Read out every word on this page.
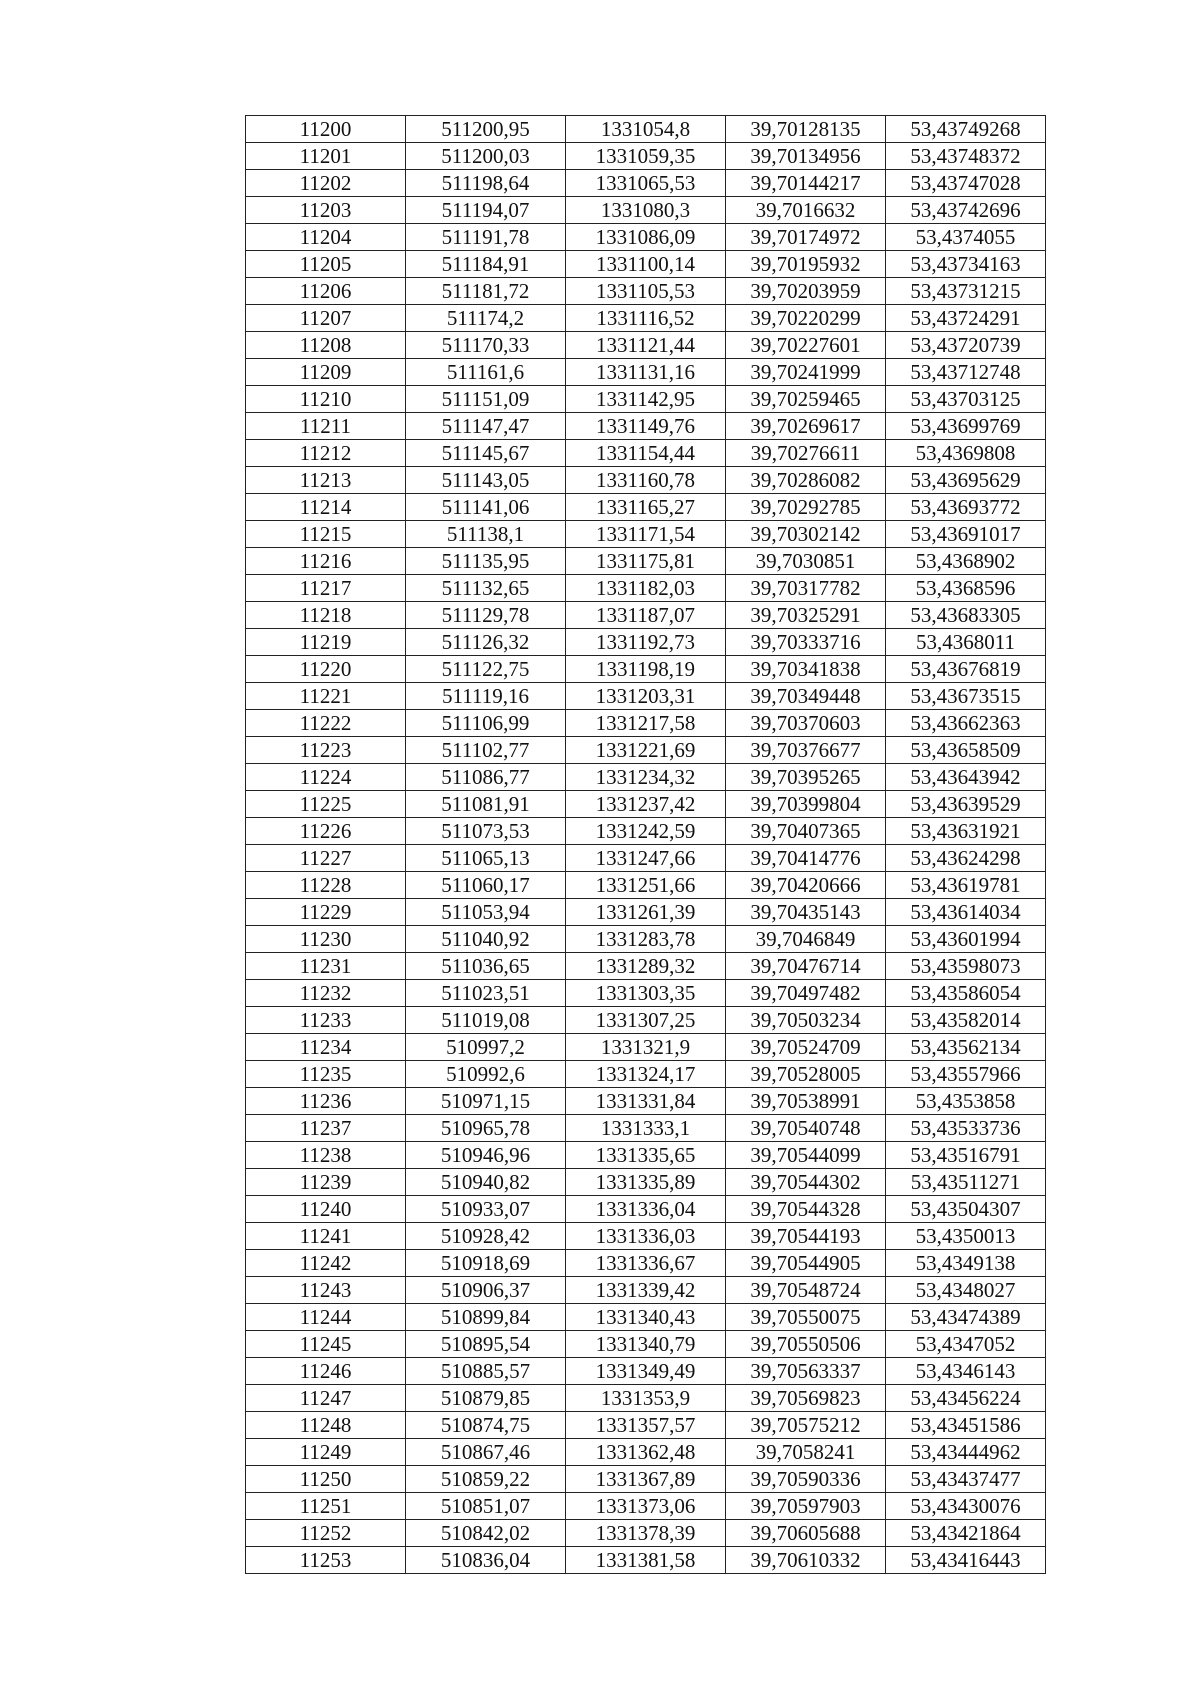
11200	511200,95	1331054,8	39,70128135	53,43749268
11201	511200,03	1331059,35	39,70134956	53,43748372
11202	511198,64	1331065,53	39,70144217	53,43747028
11203	511194,07	1331080,3	39,7016632	53,43742696
11204	511191,78	1331086,09	39,70174972	53,4374055
11205	511184,91	1331100,14	39,70195932	53,43734163
11206	511181,72	1331105,53	39,70203959	53,43731215
11207	511174,2	1331116,52	39,70220299	53,43724291
11208	511170,33	1331121,44	39,70227601	53,43720739
11209	511161,6	1331131,16	39,70241999	53,43712748
11210	511151,09	1331142,95	39,70259465	53,43703125
11211	511147,47	1331149,76	39,70269617	53,43699769
11212	511145,67	1331154,44	39,70276611	53,4369808
11213	511143,05	1331160,78	39,70286082	53,43695629
11214	511141,06	1331165,27	39,70292785	53,43693772
11215	511138,1	1331171,54	39,70302142	53,43691017
11216	511135,95	1331175,81	39,7030851	53,4368902
11217	511132,65	1331182,03	39,70317782	53,4368596
11218	511129,78	1331187,07	39,70325291	53,43683305
11219	511126,32	1331192,73	39,70333716	53,4368011
11220	511122,75	1331198,19	39,70341838	53,43676819
11221	511119,16	1331203,31	39,70349448	53,43673515
11222	511106,99	1331217,58	39,70370603	53,43662363
11223	511102,77	1331221,69	39,70376677	53,43658509
11224	511086,77	1331234,32	39,70395265	53,43643942
11225	511081,91	1331237,42	39,70399804	53,43639529
11226	511073,53	1331242,59	39,70407365	53,43631921
11227	511065,13	1331247,66	39,70414776	53,43624298
11228	511060,17	1331251,66	39,70420666	53,43619781
11229	511053,94	1331261,39	39,70435143	53,43614034
11230	511040,92	1331283,78	39,7046849	53,43601994
11231	511036,65	1331289,32	39,70476714	53,43598073
11232	511023,51	1331303,35	39,70497482	53,43586054
11233	511019,08	1331307,25	39,70503234	53,43582014
11234	510997,2	1331321,9	39,70524709	53,43562134
11235	510992,6	1331324,17	39,70528005	53,43557966
11236	510971,15	1331331,84	39,70538991	53,4353858
11237	510965,78	1331333,1	39,70540748	53,43533736
11238	510946,96	1331335,65	39,70544099	53,43516791
11239	510940,82	1331335,89	39,70544302	53,43511271
11240	510933,07	1331336,04	39,70544328	53,43504307
11241	510928,42	1331336,03	39,70544193	53,4350013
11242	510918,69	1331336,67	39,70544905	53,4349138
11243	510906,37	1331339,42	39,70548724	53,4348027
11244	510899,84	1331340,43	39,70550075	53,43474389
11245	510895,54	1331340,79	39,70550506	53,4347052
11246	510885,57	1331349,49	39,70563337	53,4346143
11247	510879,85	1331353,9	39,70569823	53,43456224
11248	510874,75	1331357,57	39,70575212	53,43451586
11249	510867,46	1331362,48	39,7058241	53,43444962
11250	510859,22	1331367,89	39,70590336	53,43437477
11251	510851,07	1331373,06	39,70597903	53,43430076
11252	510842,02	1331378,39	39,70605688	53,43421864
11253	510836,04	1331381,58	39,70610332	53,43416443
